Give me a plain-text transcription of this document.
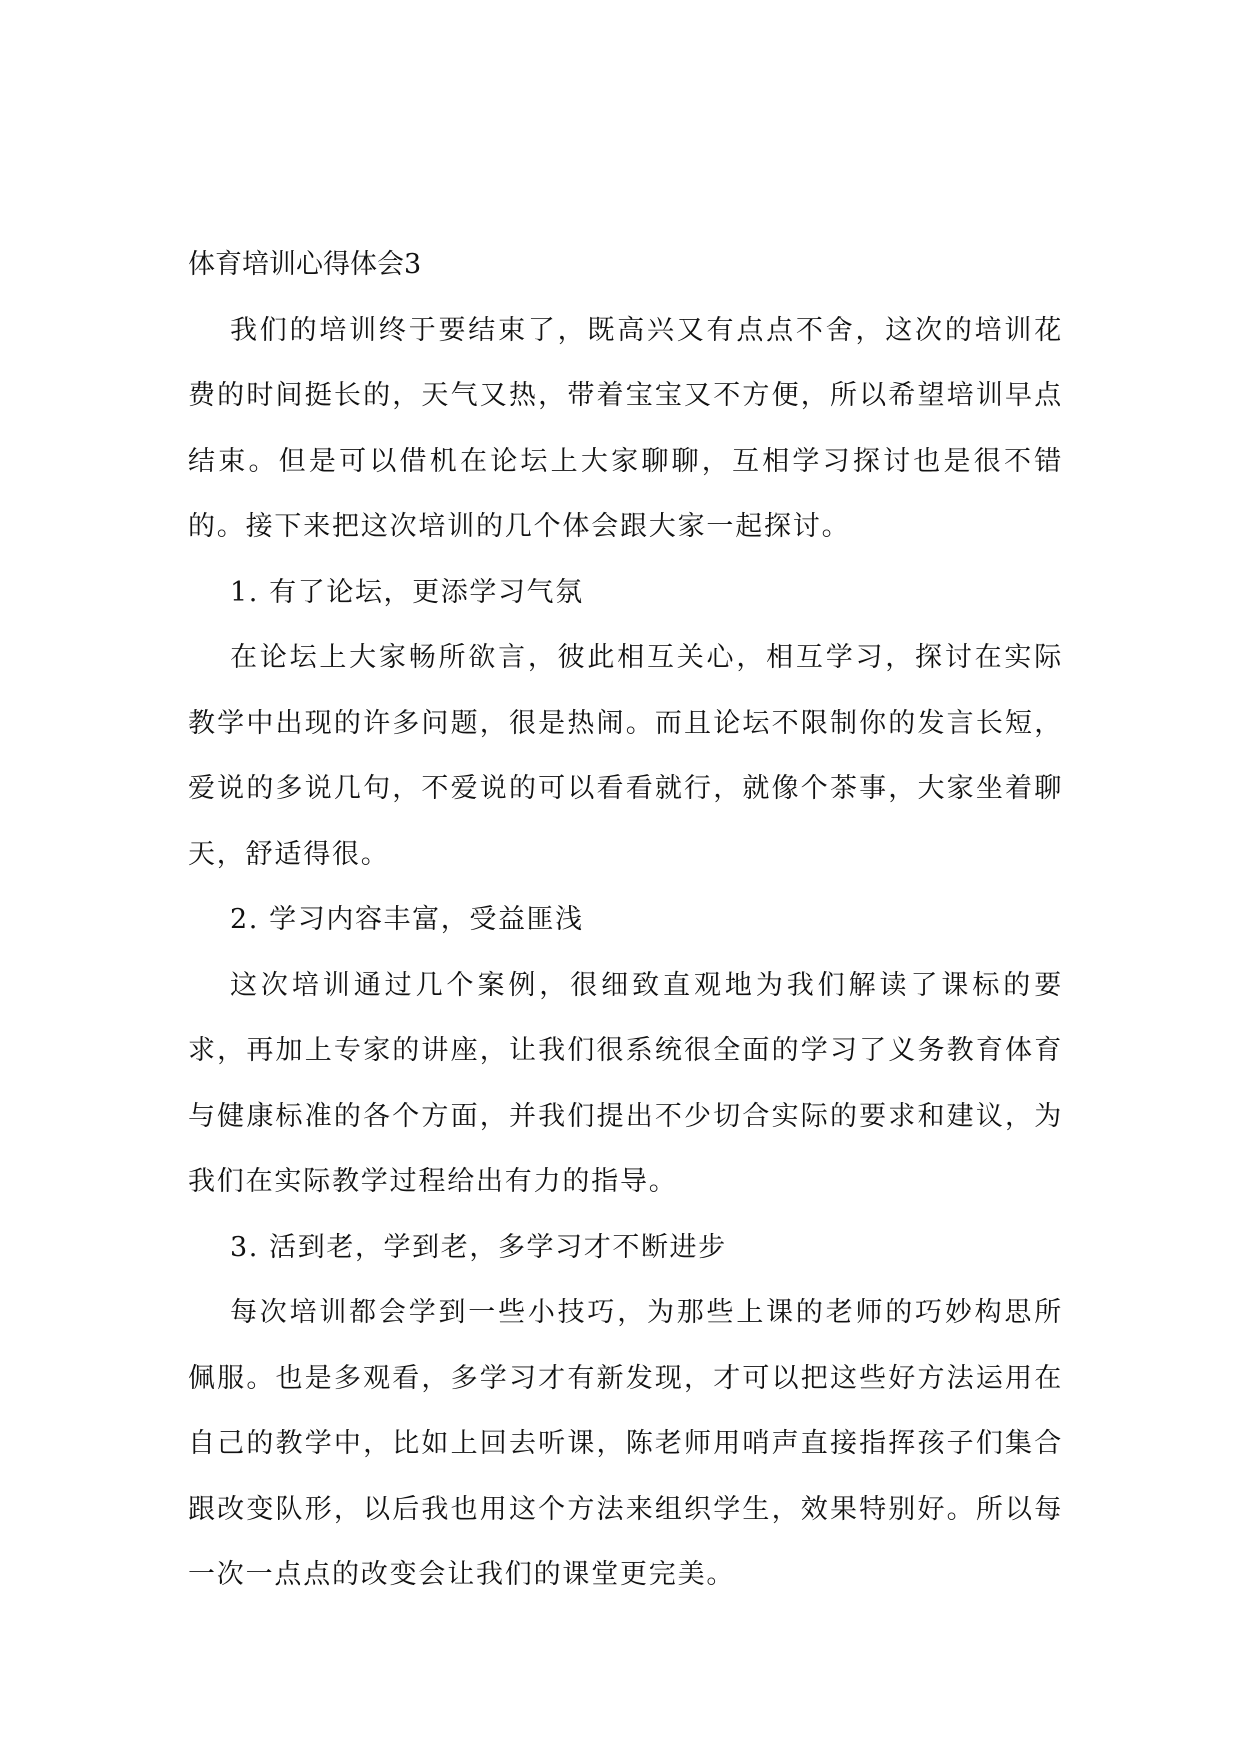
体育培训心得体会3

我们的培训终于要结束了，既高兴又有点点不舍，这次的培训花费的时间挺长的，天气又热，带着宝宝又不方便，所以希望培训早点结束。但是可以借机在论坛上大家聊聊，互相学习探讨也是很不错的。接下来把这次培训的几个体会跟大家一起探讨。

1. 有了论坛，更添学习气氛

在论坛上大家畅所欲言，彼此相互关心，相互学习，探讨在实际教学中出现的许多问题，很是热闹。而且论坛不限制你的发言长短，爱说的多说几句，不爱说的可以看看就行，就像个茶事，大家坐着聊天，舒适得很。

2. 学习内容丰富，受益匪浅

这次培训通过几个案例，很细致直观地为我们解读了课标的要求，再加上专家的讲座，让我们很系统很全面的学习了义务教育体育与健康标准的各个方面，并我们提出不少切合实际的要求和建议，为我们在实际教学过程给出有力的指导。

3. 活到老，学到老，多学习才不断进步

每次培训都会学到一些小技巧，为那些上课的老师的巧妙构思所佩服。也是多观看，多学习才有新发现，才可以把这些好方法运用在自己的教学中，比如上回去听课，陈老师用哨声直接指挥孩子们集合跟改变队形，以后我也用这个方法来组织学生，效果特别好。所以每一次一点点的改变会让我们的课堂更完美。
